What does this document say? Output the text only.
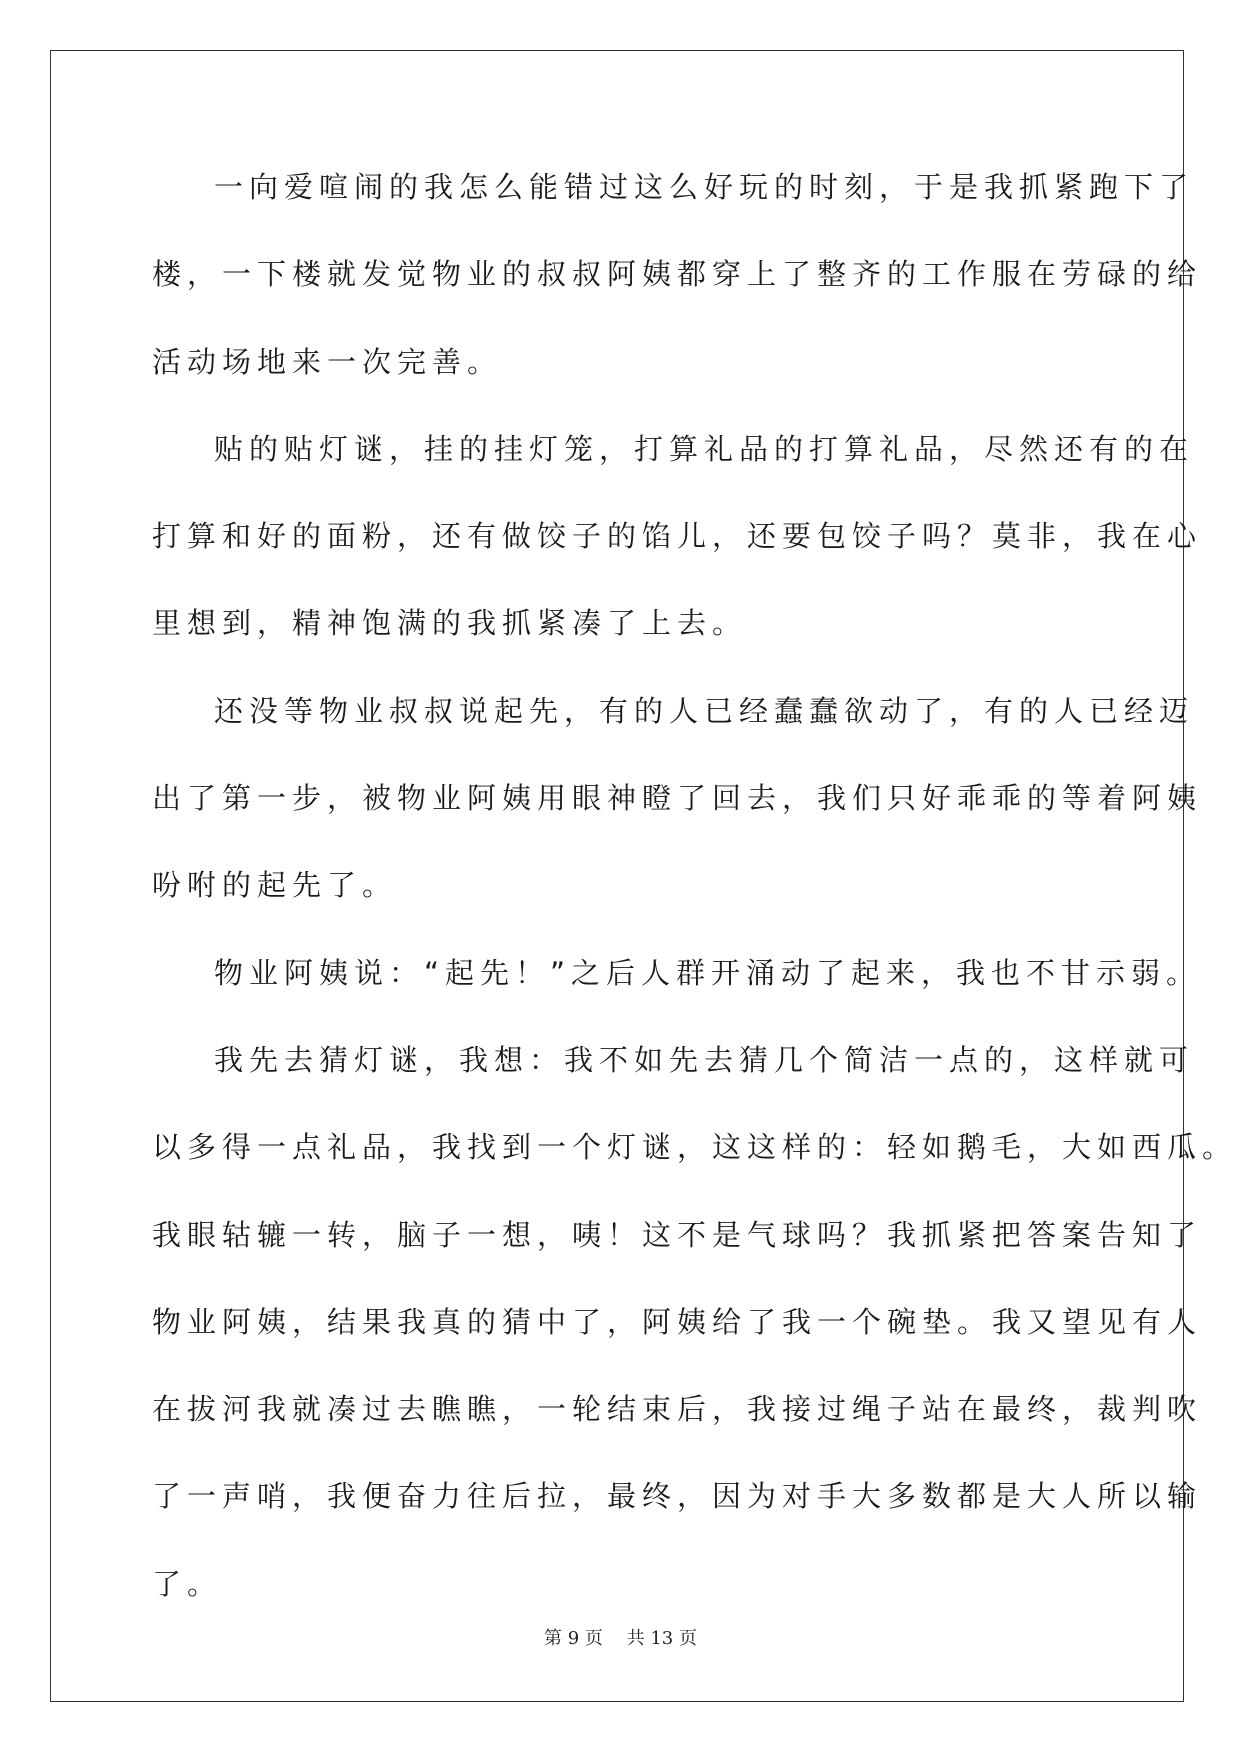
一向爱喧闹的我怎么能错过这么好玩的时刻，于是我抓紧跑下了
楼，一下楼就发觉物业的叔叔阿姨都穿上了整齐的工作服在劳碌的给
活动场地来一次完善。
贴的贴灯谜，挂的挂灯笼，打算礼品的打算礼品，尽然还有的在
打算和好的面粉，还有做饺子的馅儿，还要包饺子吗？莫非，我在心
里想到，精神饱满的我抓紧凑了上去。
还没等物业叔叔说起先，有的人已经蠢蠢欲动了，有的人已经迈
出了第一步，被物业阿姨用眼神瞪了回去，我们只好乖乖的等着阿姨
吩咐的起先了。
物业阿姨说：“起先！”之后人群开涌动了起来，我也不甘示弱。
我先去猜灯谜，我想：我不如先去猜几个简洁一点的，这样就可
以多得一点礼品，我找到一个灯谜，这这样的：轻如鹅毛，大如西瓜。
我眼轱辘一转，脑子一想，咦！这不是气球吗？我抓紧把答案告知了
物业阿姨，结果我真的猜中了，阿姨给了我一个碗垫。我又望见有人
在拔河我就凑过去瞧瞧，一轮结束后，我接过绳子站在最终，裁判吹
了一声哨，我便奋力往后拉，最终，因为对手大多数都是大人所以输
了。
第 9 页　 共 13 页
